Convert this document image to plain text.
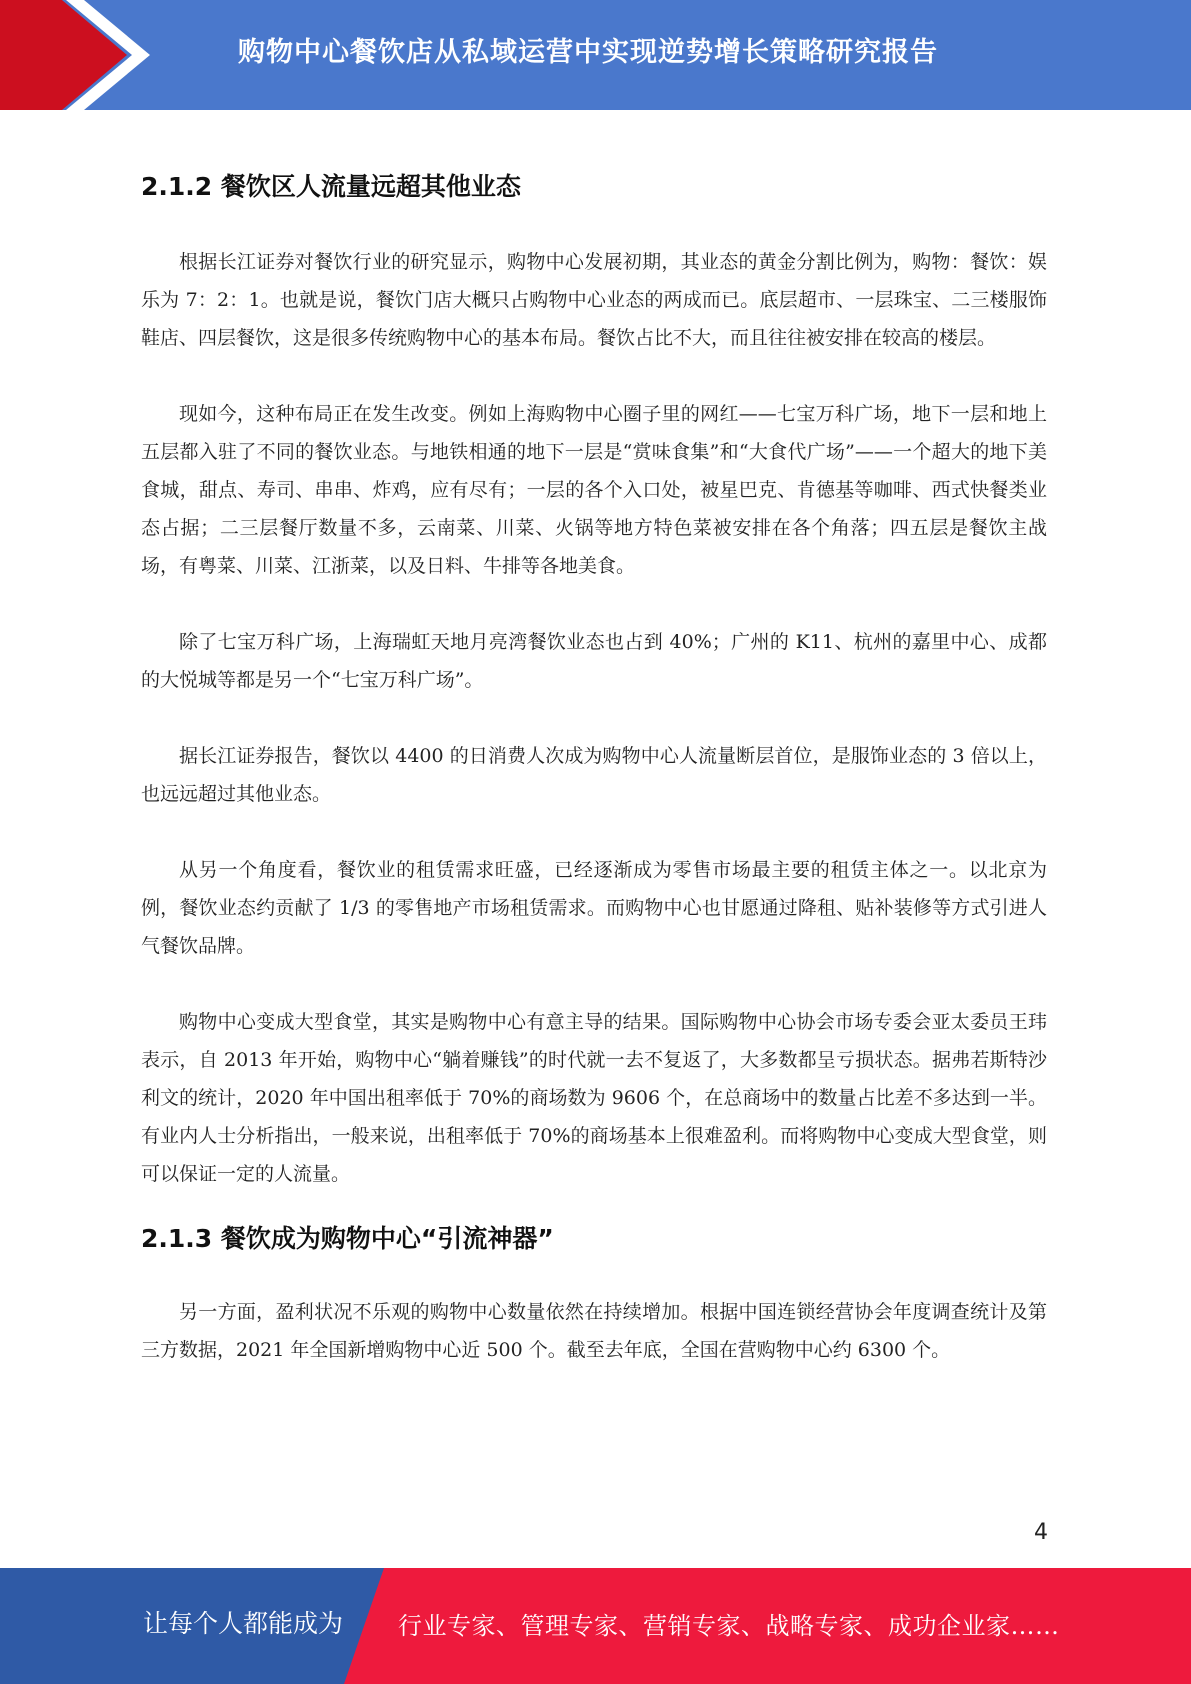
购物中心餐饮店从私域运营中实现逆势增长策略研究报告
2.1.2 餐饮区人流量远超其他业态

根据长江证券对餐饮行业的研究显示，购物中心发展初期，其业态的黄金分割比例为，购物：餐饮：娱乐为 7：2：1。也就是说，餐饮门店大概只占购物中心业态的两成而已。底层超市、一层珠宝、二三楼服饰鞋店、四层餐饮，这是很多传统购物中心的基本布局。餐饮占比不大，而且往往被安排在较高的楼层。

现如今，这种布局正在发生改变。例如上海购物中心圈子里的网红——七宝万科广场，地下一层和地上五层都入驻了不同的餐饮业态。与地铁相通的地下一层是“赏味食集”和“大食代广场”——一个超大的地下美食城，甜点、寿司、串串、炸鸡，应有尽有；一层的各个入口处，被星巴克、肯德基等咖啡、西式快餐类业态占据；二三层餐厅数量不多，云南菜、川菜、火锅等地方特色菜被安排在各个角落；四五层是餐饮主战场，有粤菜、川菜、江浙菜，以及日料、牛排等各地美食。

除了七宝万科广场，上海瑞虹天地月亮湾餐饮业态也占到 40%；广州的 K11、杭州的嘉里中心、成都的大悦城等都是另一个“七宝万科广场”。

据长江证券报告，餐饮以 4400 的日消费人次成为购物中心人流量断层首位，是服饰业态的 3 倍以上，也远远超过其他业态。

从另一个角度看，餐饮业的租赁需求旺盛，已经逐渐成为零售市场最主要的租赁主体之一。以北京为例，餐饮业态约贡献了 1/3 的零售地产市场租赁需求。而购物中心也甘愿通过降租、贴补装修等方式引进人气餐饮品牌。

购物中心变成大型食堂，其实是购物中心有意主导的结果。国际购物中心协会市场专委会亚太委员王玮表示，自 2013 年开始，购物中心“躺着赚钱”的时代就一去不复返了，大多数都呈亏损状态。据弗若斯特沙利文的统计，2020 年中国出租率低于 70%的商场数为 9606 个，在总商场中的数量占比差不多达到一半。有业内人士分析指出，一般来说，出租率低于 70%的商场基本上很难盈利。而将购物中心变成大型食堂，则可以保证一定的人流量。

2.1.3 餐饮成为购物中心“引流神器”

另一方面，盈利状况不乐观的购物中心数量依然在持续增加。根据中国连锁经营协会年度调查统计及第三方数据，2021 年全国新增购物中心近 500 个。截至去年底，全国在营购物中心约 6300 个。

4
让每个人都能成为 行业专家、管理专家、营销专家、战略专家、成功企业家……
